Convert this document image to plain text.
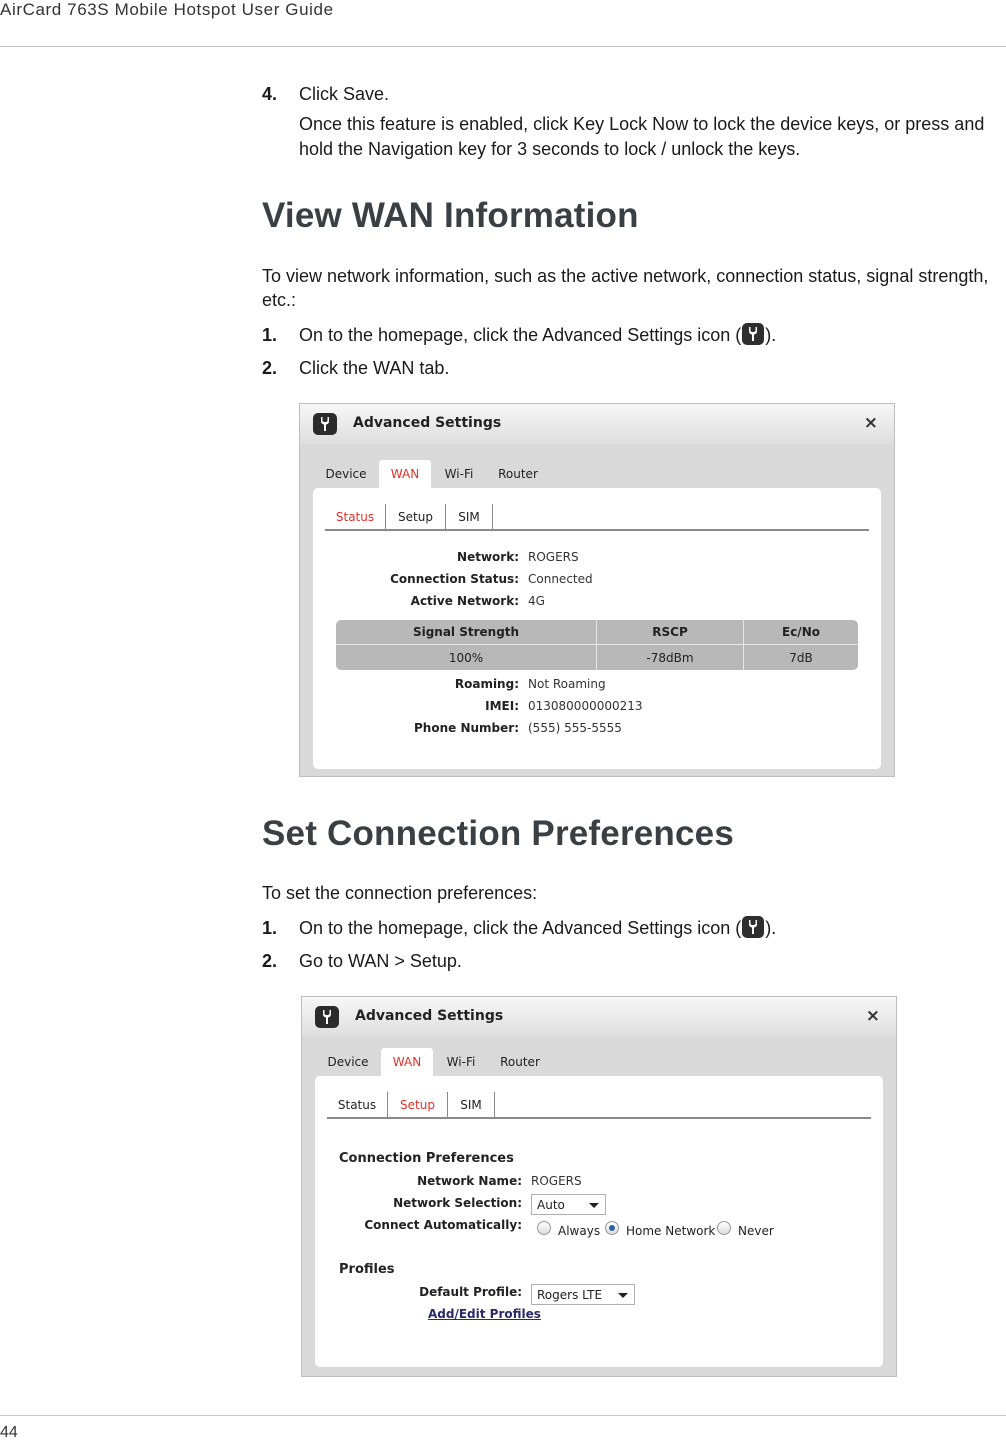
AirCard 763S Mobile Hotspot User Guide
4. Click Save.
Once this feature is enabled, click Key Lock Now to lock the device keys, or press and hold the Navigation key for 3 seconds to lock / unlock the keys.
View WAN Information
To view network information, such as the active network, connection status, signal strength, etc.:
1. On to the homepage, click the Advanced Settings icon ( ).
2. Click the WAN tab.
Advanced Settings	×
Device	WAN	Wi-Fi	Router
Status	Setup	SIM
Network: ROGERS
Connection Status: Connected
Active Network: 4G
Signal Strength	RSCP	Ec/No
100%	-78dBm	7dB
Roaming: Not Roaming
IMEI: 013080000000213
Phone Number: (555) 555-5555
Set Connection Preferences
To set the connection preferences:
1. On to the homepage, click the Advanced Settings icon ( ).
2. Go to WAN > Setup.
Advanced Settings	×
Device	WAN	Wi-Fi	Router
Status	Setup	SIM
Connection Preferences
Network Name: ROGERS
Network Selection:	Auto
Connect Automatically:	Always Home Network Never
Profiles
Default Profile:	Rogers LTE
Add/Edit Profiles
44
